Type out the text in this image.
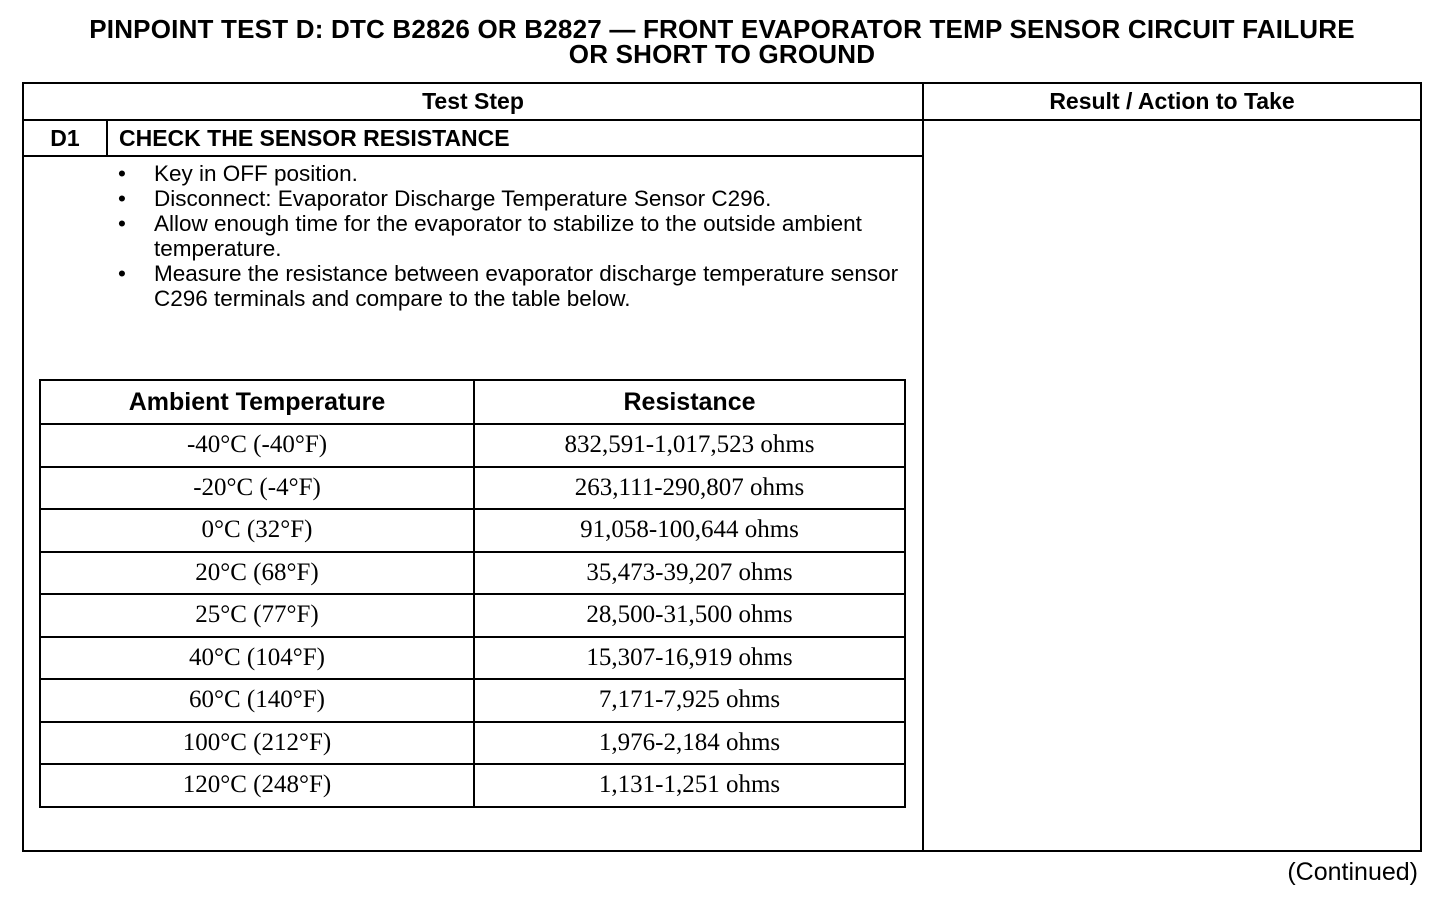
PINPOINT TEST D: DTC B2826 OR B2827 — FRONT EVAPORATOR TEMP SENSOR CIRCUIT FAILURE
OR SHORT TO GROUND
Test Step	Result / Action to Take
D1	CHECK THE SENSOR RESISTANCE
• Key in OFF position.
• Disconnect: Evaporator Discharge Temperature Sensor C296.
• Allow enough time for the evaporator to stabilize to the outside ambient temperature.
• Measure the resistance between evaporator discharge temperature sensor C296 terminals and compare to the table below.
Ambient Temperature	Resistance
-40°C (-40°F)	832,591-1,017,523 ohms
-20°C (-4°F)	263,111-290,807 ohms
0°C (32°F)	91,058-100,644 ohms
20°C (68°F)	35,473-39,207 ohms
25°C (77°F)	28,500-31,500 ohms
40°C (104°F)	15,307-16,919 ohms
60°C (140°F)	7,171-7,925 ohms
100°C (212°F)	1,976-2,184 ohms
120°C (248°F)	1,131-1,251 ohms
(Continued)
